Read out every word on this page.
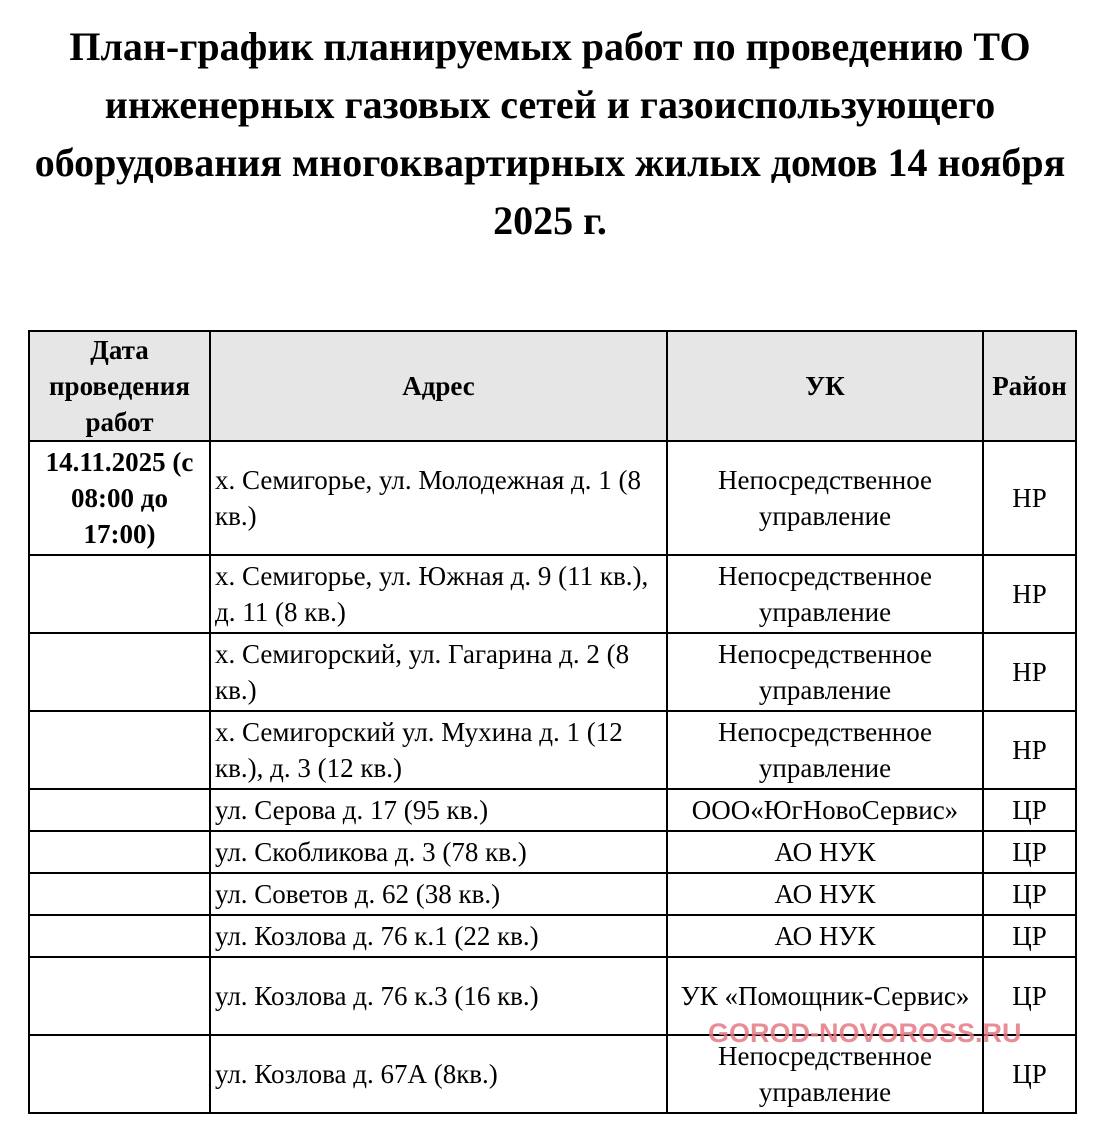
План-график планируемых работ по проведению ТО инженерных газовых сетей и газоиспользующего оборудования многоквартирных жилых домов 14 ноября 2025 г.
Дата проведения работ	Адрес	УК	Район
14.11.2025 (с 08:00 до 17:00)	х. Семигорье, ул. Молодежная д. 1 (8 кв.)	Непосредственное управление	НР
	х. Семигорье, ул. Южная д. 9 (11 кв.), д. 11 (8 кв.)	Непосредственное управление	НР
	х. Семигорский, ул. Гагарина д. 2 (8 кв.)	Непосредственное управление	НР
	х. Семигорский ул. Мухина д. 1 (12 кв.), д. 3 (12 кв.)	Непосредственное управление	НР
	ул. Серова д. 17 (95 кв.)	ООО«ЮгНовоСервис»	ЦР
	ул. Скобликова д. 3 (78 кв.)	АО НУК	ЦР
	ул. Советов д. 62 (38 кв.)	АО НУК	ЦР
	ул. Козлова д. 76 к.1 (22 кв.)	АО НУК	ЦР
	ул. Козлова д. 76 к.3 (16 кв.)	УК «Помощник-Сервис»	ЦР
	ул. Козлова д. 67А (8кв.)	Непосредственное управление	ЦР
GOROD-NOVOROSS.RU
